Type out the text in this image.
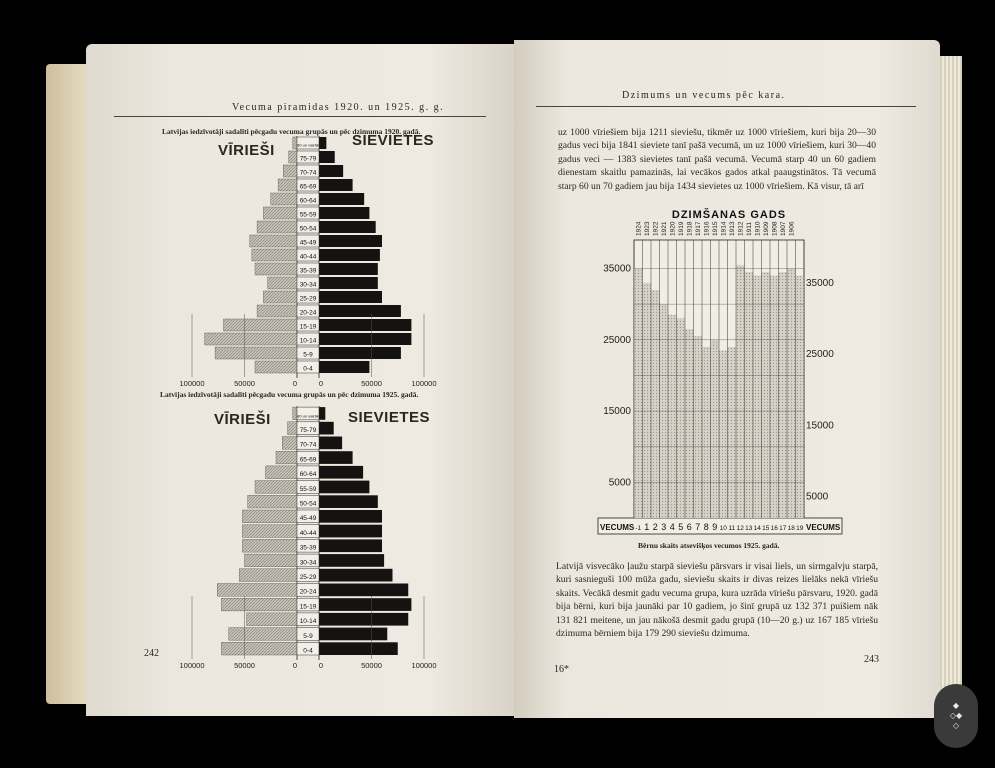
Vecuma piramidas 1920. un 1925. g. g.
Latvijas iedzīvotāji sadalīti pēcgadu vecuma grupās un pēc dzimuma 1920. gadā.
VĪRIEŠI
SIEVIETES
Latvijas iedzīvotāji sadalīti pēcgadu vecuma grupās un pēc dzimuma 1925. gadā.
VĪRIEŠI	SIEVIETES
242
Dzimums un vecums pēc kara.

uz 1000 vīriešiem bija 1211 sieviešu, tikmēr uz 1000 vīriešiem, kuri bija 20—30 gadus veci bija 1841 sieviete tanī pašā vecumā, un uz 1000 vīriešiem, kuri 30—40 gadus veci — 1383 sievietes tanī pašā vecumā. Vecumā starp 40 un 60 gadiem dienestam skaitlu pamazinās, lai vecākos gados atkal paaugstinātos. Tā vecumā starp 60 un 70 gadiem jau bija 1434 sievietes uz 1000 vīriešiem. Kā visur, tā arī

Bērnu skaits atsevišķos vecumos 1925. gadā.

Latvijā visvecāko ļaužu starpā sieviešu pārsvars ir visai liels, un sirmgalvju starpā, kuri sasnieguši 100 mūža gadu, sieviešu skaits ir divas reizes lielāks nekā vīriešu skaits. Vecākā desmit gadu vecuma grupa, kura uzrāda vīriešu pārsvaru, 1920. gadā bija bērni, kuri bija jaunāki par 10 gadiem, jo šinī grupā uz 132 371 puišiem nāk 131 821 meitene, un jau nākošā desmit gadu grupā (10—20 g.) uz 167 185 vīriešu dzimuma bērniem bija 179 290 sieviešu dzimuma.

16*
243
0-4
5-9
10-14
15-19
20-24
25-29
30-34
35-39
40-44
45-49
50-54
55-59
60-64
65-69
70-74
75-79
80 un vairāk
100000	50000	0	0	50000	100000
0-4
5-9
10-14
15-19
20-24
25-29
30-34
35-39
40-44
45-49
50-54
55-59
60-64
65-69
70-74
75-79
80 un vairāk
100000	50000	0	0	50000	100000
35000
25000
15000
5000
35000
25000
15000
5000
DZIMŠANAS GADS
1924 1923 1922 1921 1920 1919 1918 1917 1916 1915 1914 1913 1912 1911 1910 1909 1908 1907 1906
VECUMS	VECUMS
-1 1 2 3 4 5 6 7 8 9 10 11 12 13 14 15 16 17 18 19
◆
◇◆
◇
